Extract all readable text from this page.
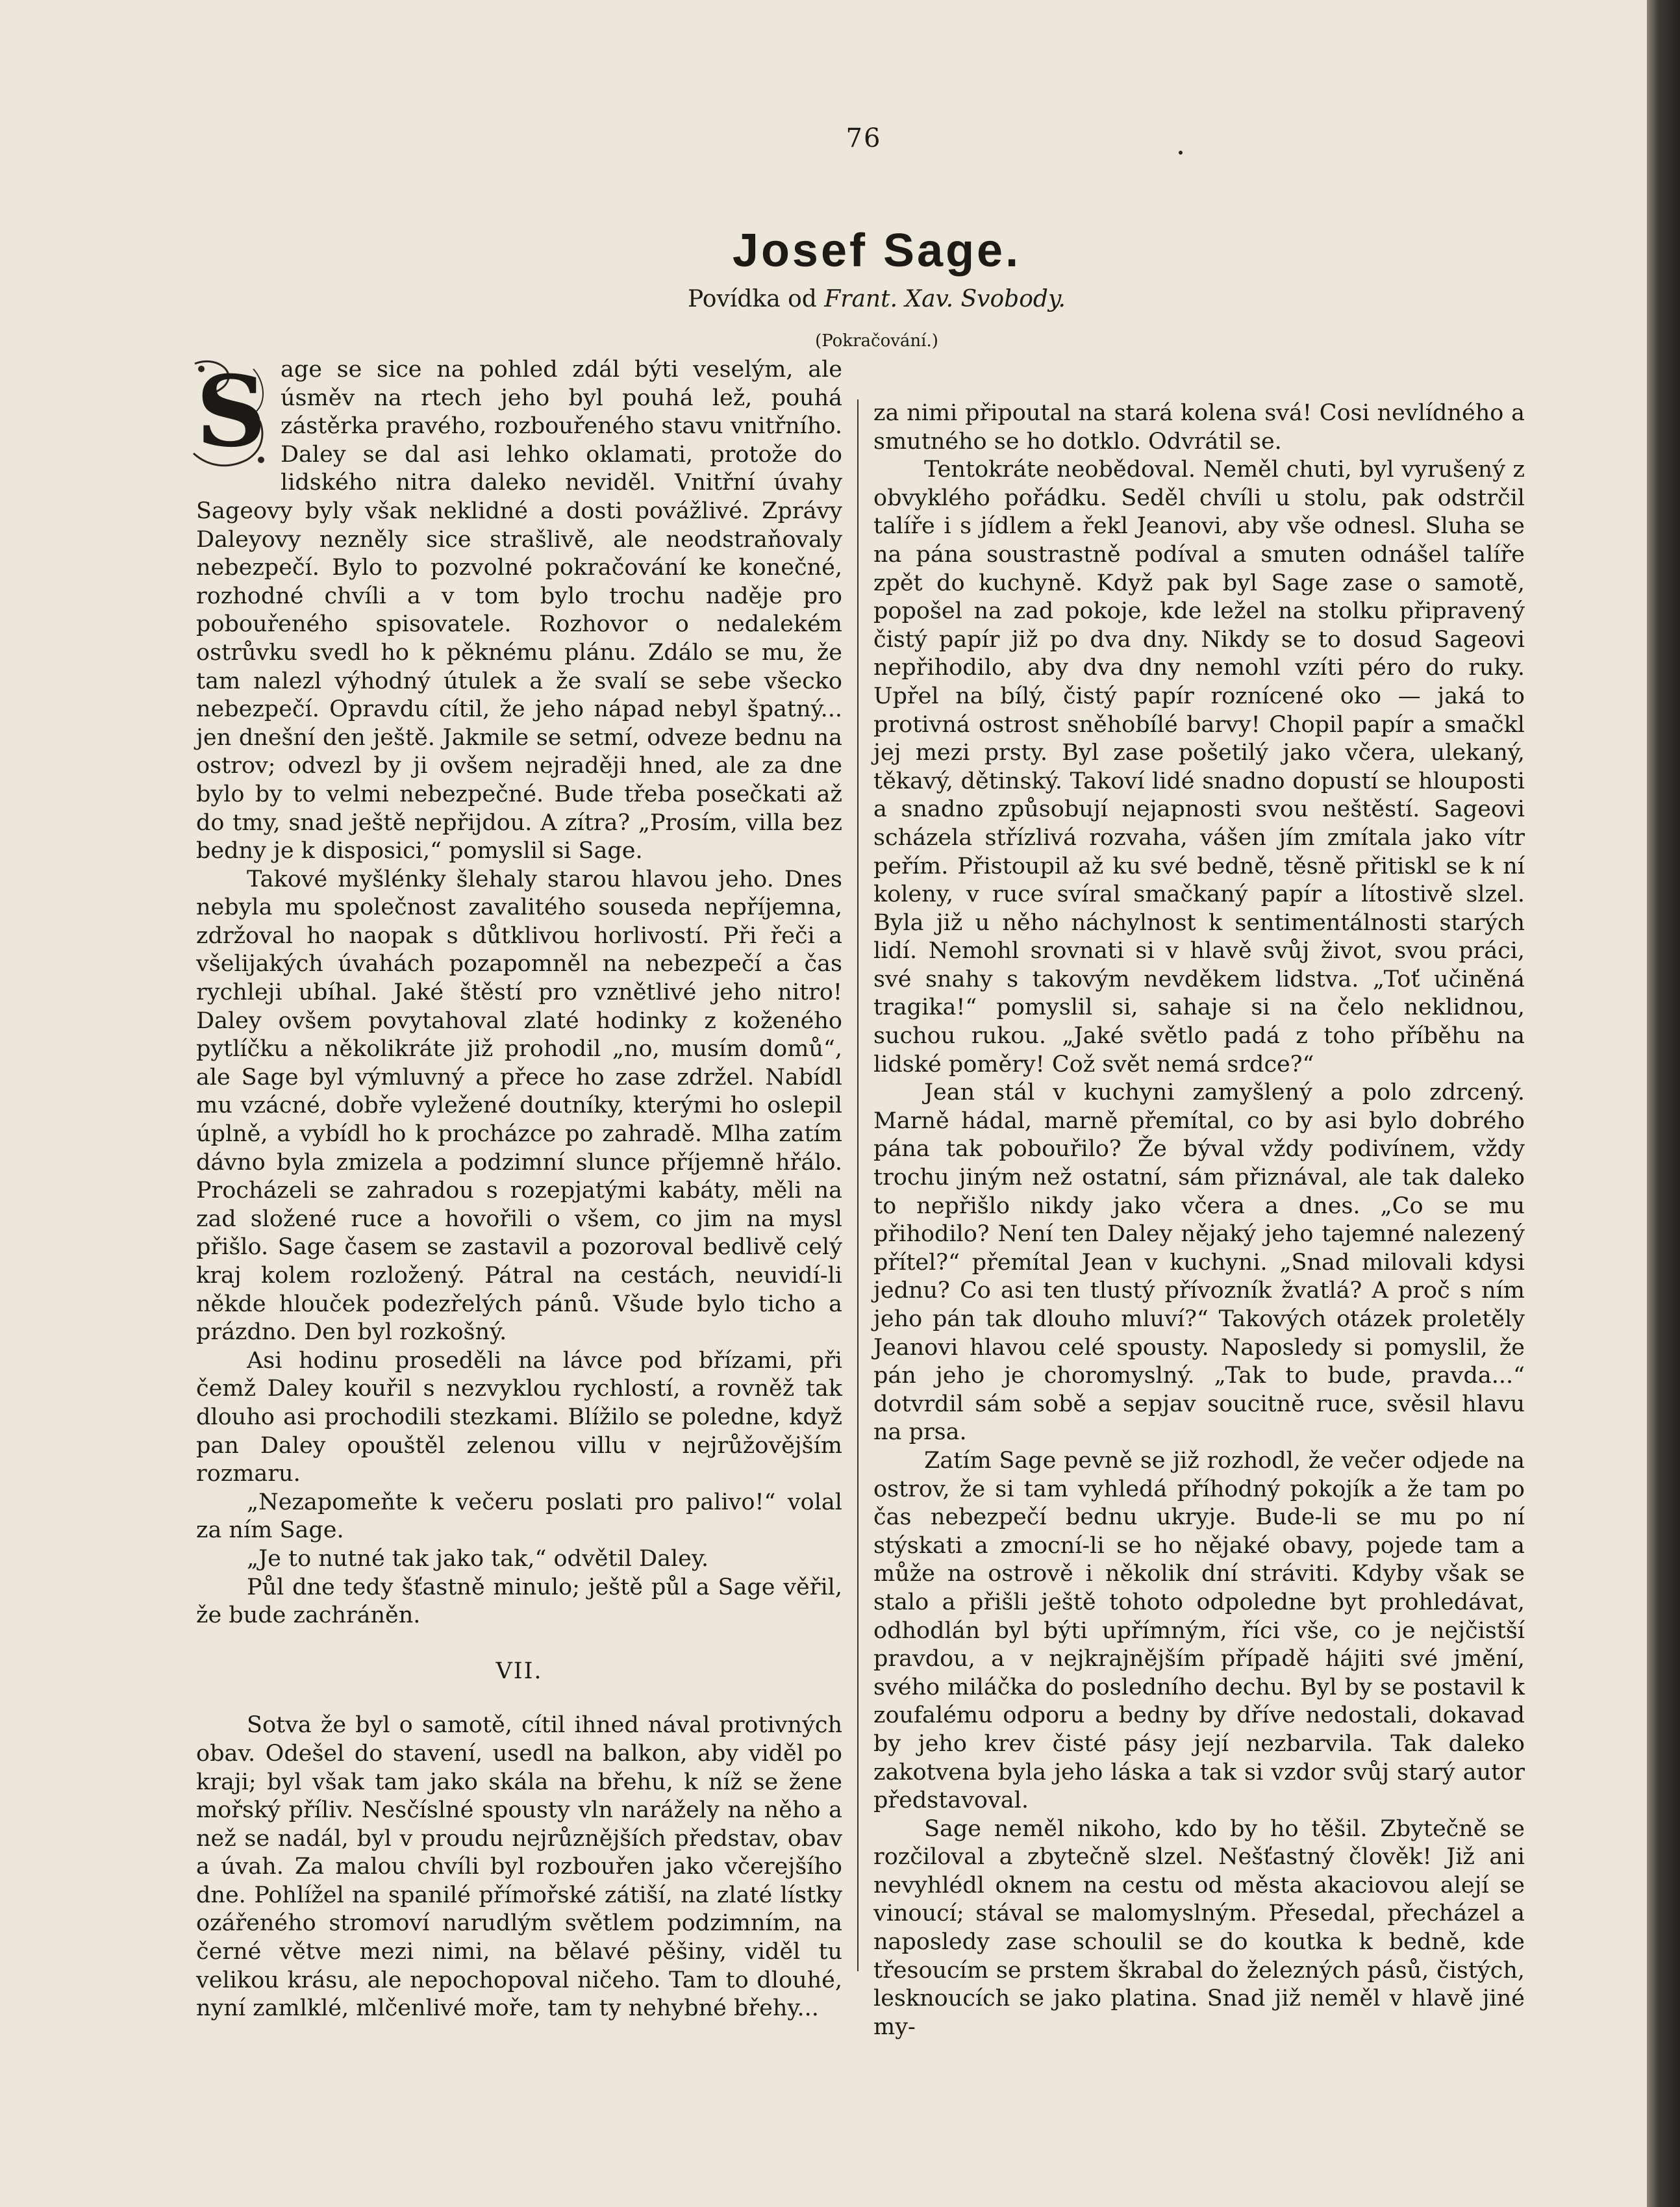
76
Josef Sage.
Povídka od Frant. Xav. Svobody.
(Pokračování.)
S age se sice na pohled zdál býti veselým, ale úsměv na rtech jeho byl pouhá lež, pouhá zástěrka pravého, rozbouřeného stavu vnitřního. Daley se dal asi lehko oklamati, protože do lidského nitra daleko neviděl. Vnitřní úvahy Sageovy byly však neklidné a dosti povážlivé. Zprávy Daleyovy nezněly sice strašlivě, ale neodstraňovaly nebezpečí. Bylo to pozvolné pokračování ke konečné, rozhodné chvíli a v tom bylo trochu naděje pro pobouřeného spisovatele. Rozhovor o nedalekém ostrůvku svedl ho k pěknému plánu. Zdálo se mu, že tam nalezl výhodný útulek a že svalí se sebe všecko nebezpečí. Opravdu cítil, že jeho nápad nebyl špatný... jen dnešní den ještě. Jakmile se setmí, odveze bednu na ostrov; odvezl by ji ovšem nejraději hned, ale za dne bylo by to velmi nebezpečné. Bude třeba posečkati až do tmy, snad ještě nepřijdou. A zítra? „Prosím, villa bez bedny je k disposici,“ pomyslil si Sage.

Takové myšlénky šlehaly starou hlavou jeho. Dnes nebyla mu společnost zavalitého souseda nepříjemna, zdržoval ho naopak s důtklivou horlivostí. Při řeči a všelijakých úvahách pozapomněl na nebezpečí a čas rychleji ubíhal. Jaké štěstí pro vznětlivé jeho nitro! Daley ovšem povytahoval zlaté hodinky z koženého pytlíčku a několikráte již prohodil „no, musím domů“, ale Sage byl výmluvný a přece ho zase zdržel. Nabídl mu vzácné, dobře vyležené doutníky, kterými ho oslepil úplně, a vybídl ho k procházce po zahradě. Mlha zatím dávno byla zmizela a podzimní slunce příjemně hřálo. Procházeli se zahradou s rozepjatými kabáty, měli na zad složené ruce a hovořili o všem, co jim na mysl přišlo. Sage časem se zastavil a pozoroval bedlivě celý kraj kolem rozložený. Pátral na cestách, neuvidí-li někde hlouček podezřelých pánů. Všude bylo ticho a prázdno. Den byl rozkošný.

Asi hodinu proseděli na lávce pod břízami, při čemž Daley kouřil s nezvyklou rychlostí, a rovněž tak dlouho asi prochodili stezkami. Blížilo se poledne, když pan Daley opouštěl zelenou villu v nejrůžovějším rozmaru.

„Nezapomeňte k večeru poslati pro palivo!“ volal za ním Sage.

„Je to nutné tak jako tak,“ odvětil Daley.

Půl dne tedy šťastně minulo; ještě půl a Sage věřil, že bude zachráněn.

VII.

Sotva že byl o samotě, cítil ihned nával protivných obav. Odešel do stavení, usedl na balkon, aby viděl po kraji; byl však tam jako skála na břehu, k níž se žene mořský příliv. Nesčíslné spousty vln narážely na něho a než se nadál, byl v proudu nejrůznějších představ, obav a úvah. Za malou chvíli byl rozbouřen jako včerejšího dne. Pohlížel na spanilé přímořské zátiší, na zlaté lístky ozářeného stromoví narudlým světlem podzimním, na černé větve mezi nimi, na bělavé pěšiny, viděl tu velikou krásu, ale nepochopoval ničeho. Tam to dlouhé, nyní zamlklé, mlčenlivé moře, tam ty nehybné břehy...

za nimi připoutal na stará kolena svá! Cosi nevlídného a smutného se ho dotklo. Odvrátil se.

Tentokráte neobědoval. Neměl chuti, byl vyrušený z obvyklého pořádku. Seděl chvíli u stolu, pak odstrčil talíře i s jídlem a řekl Jeanovi, aby vše odnesl. Sluha se na pána soustrastně podíval a smuten odnášel talíře zpět do kuchyně. Když pak byl Sage zase o samotě, popošel na zad pokoje, kde ležel na stolku připravený čistý papír již po dva dny. Nikdy se to dosud Sageovi nepřihodilo, aby dva dny nemohl vzíti péro do ruky. Upřel na bílý, čistý papír roznícené oko — jaká to protivná ostrost sněhobílé barvy! Chopil papír a smačkl jej mezi prsty. Byl zase pošetilý jako včera, ulekaný, těkavý, dětinský. Takoví lidé snadno dopustí se hlouposti a snadno způsobují nejapnosti svou neštěstí. Sageovi scházela střízlivá rozvaha, vášen jím zmítala jako vítr peřím. Přistoupil až ku své bedně, těsně přitiskl se k ní koleny, v ruce svíral smačkaný papír a lítostivě slzel. Byla již u něho náchylnost k sentimentálnosti starých lidí. Nemohl srovnati si v hlavě svůj život, svou práci, své snahy s takovým nevděkem lidstva. „Toť učiněná tragika!“ pomyslil si, sahaje si na čelo neklidnou, suchou rukou. „Jaké světlo padá z toho příběhu na lidské poměry! Což svět nemá srdce?“

Jean stál v kuchyni zamyšlený a polo zdrcený. Marně hádal, marně přemítal, co by asi bylo dobrého pána tak pobouřilo? Že býval vždy podivínem, vždy trochu jiným než ostatní, sám přiznával, ale tak daleko to nepřišlo nikdy jako včera a dnes. „Co se mu přihodilo? Není ten Daley nějaký jeho tajemné nalezený přítel?“ přemítal Jean v kuchyni. „Snad milovali kdysi jednu? Co asi ten tlustý přívozník žvatlá? A proč s ním jeho pán tak dlouho mluví?“ Takových otázek proletěly Jeanovi hlavou celé spousty. Naposledy si pomyslil, že pán jeho je choromyslný. „Tak to bude, pravda...“ dotvrdil sám sobě a sepjav soucitně ruce, svěsil hlavu na prsa.

Zatím Sage pevně se již rozhodl, že večer odjede na ostrov, že si tam vyhledá příhodný pokojík a že tam po čas nebezpečí bednu ukryje. Bude-li se mu po ní stýskati a zmocní-li se ho nějaké obavy, pojede tam a může na ostrově i několik dní stráviti. Kdyby však se stalo a přišli ještě tohoto odpoledne byt prohledávat, odhodlán byl býti upřímným, říci vše, co je nejčistší pravdou, a v nejkrajnějším případě hájiti své jmění, svého miláčka do posledního dechu. Byl by se postavil k zoufalému odporu a bedny by dříve nedostali, dokavad by jeho krev čisté pásy její nezbarvila. Tak daleko zakotvena byla jeho láska a tak si vzdor svůj starý autor představoval.

Sage neměl nikoho, kdo by ho těšil. Zbytečně se rozčiloval a zbytečně slzel. Nešťastný člověk! Již ani nevyhlédl oknem na cestu od města akaciovou alejí se vinoucí; stával se malomyslným. Přesedal, přecházel a naposledy zase schoulil se do koutka k bedně, kde třesoucím se prstem škrabal do železných pásů, čistých, lesknoucích se jako platina. Snad již neměl v hlavě jiné my-
